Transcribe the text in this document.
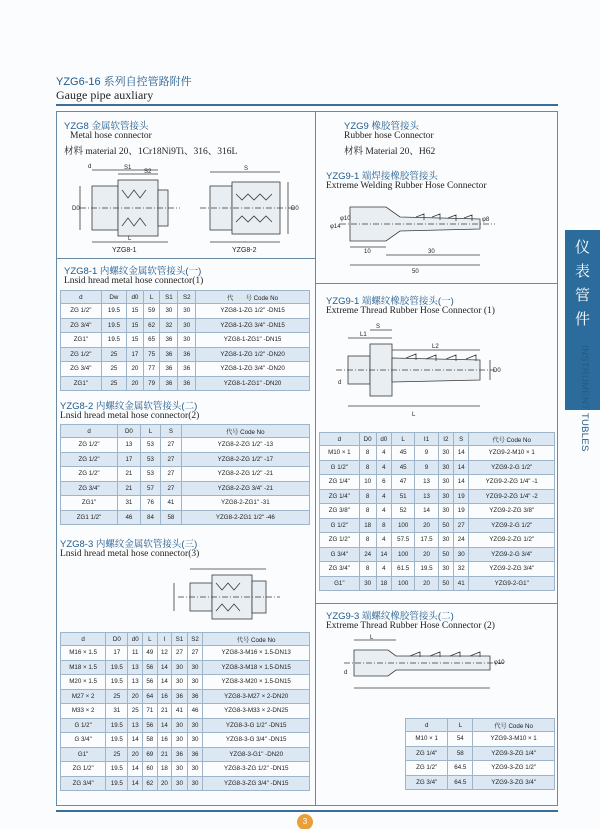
YZG6-16 系列自控管路附件
Gauge pipe auxliary
YZG8 金属软管接头
Metal hose connector
材料 material 20、1Cr18Ni9Ti、316、316L
d	S1
S2
L
D0
S
D0
YZG8-1	YZG8-2
YZG8-1 内螺纹金属软管接头(一)
Lnsid hread metal hose connector(1)
d	Dw	d0	L	S1	S2	代　　号 Code No
ZG 1/2"	19.5	15	59	30	30	YZG8-1-ZG 1/2" -DN15
ZG 3/4"	19.5	15	62	32	30	YZG8-1-ZG 3/4" -DN15
ZG1"	19.5	15	65	36	30	YZG8-1-ZG1" -DN15
ZG 1/2"	25	17	75	36	36	YZG8-1-ZG 1/2" -DN20
ZG 3/4"	25	20	77	36	36	YZG8-1-ZG 3/4" -DN20
ZG1"	25	20	79	36	36	YZG8-1-ZG1" -DN20
YZG8-2 内螺纹金属软管接头(二)
Lnsid hread metal hose connector(2)
d	D0	L	S	代号 Code No
ZG 1/2"	13	53	27	YZG8-2-ZG 1/2" -13
ZG 1/2"	17	53	27	YZG8-2-ZG 1/2" -17
ZG 1/2"	21	53	27	YZG8-2-ZG 1/2" -21
ZG 3/4"	21	57	27	YZG8-2-ZG 3/4" -21
ZG1"	31	76	41	YZG8-2-ZG1" -31
ZG1 1/2"	46	84	58	YZG8-2-ZG1 1/2" -46
YZG8-3 内螺纹金属软管接头(三)
Lnsid hread metal hose connector(3)
d	D0	d0	L	I	S1	S2	代号 Code No
M16 × 1.5	17	11	49	12	27	27	YZG8-3-M16 × 1.5-DN13
M18 × 1.5	19.5	13	56	14	30	30	YZG8-3-M18 × 1.5-DN15
M20 × 1.5	19.5	13	56	14	30	30	YZG8-3-M20 × 1.5-DN15
M27 × 2	25	20	64	16	36	36	YZG8-3-M27 × 2-DN20
M33 × 2	31	25	71	21	41	46	YZG8-3-M33 × 2-DN25
G 1/2"	19.5	13	56	14	30	30	YZG8-3-G 1/2" -DN15
G 3/4"	19.5	14	58	16	30	30	YZG8-3-G 3/4" -DN15
G1"	25	20	69	21	36	36	YZG8-3-G1" -DN20
ZG 1/2"	19.5	14	60	18	30	30	YZG8-3-ZG 1/2" -DN15
ZG 3/4"	19.5	14	62	20	30	30	YZG8-3-ZG 3/4" -DN15
YZG9 橡胶管接头
Rubber hose Connector
材料 Material 20、H62
YZG9-1 端焊接橡胶管接头
Extreme Welding Rubber Hose Connector
10	30
50
φ14
φ10	φ8
YZG9-1 端螺纹橡胶管接头(一)
Extreme Thread Rubber Hose Connector (1)
S
L1
D0
L2
d
L
d	D0	d0	L	I1	I2	S	代号 Code No
M10 × 1	8	4	45	9	30	14	YZG9-2-M10 × 1
G 1/2"	8	4	45	9	30	14	YZG9-2-G 1/2"
ZG 1/4"	10	6	47	13	30	14	YZG9-2-ZG 1/4" -1
ZG 1/4"	8	4	51	13	30	19	YZG9-2-ZG 1/4" -2
ZG 3/8"	8	4	52	14	30	19	YZG9-2-ZG 3/8"
G 1/2"	18	8	100	20	50	27	YZG9-2-G 1/2"
ZG 1/2"	8	4	57.5	17.5	30	24	YZG9-2-ZG 1/2"
G 3/4"	24	14	100	20	50	30	YZG9-2-G 3/4"
ZG 3/4"	8	4	61.5	19.5	30	32	YZG9-2-ZG 3/4"
G1"	30	18	100	20	50	41	YZG9-2-G1"
YZG9-3 端螺纹橡胶管接头(二)
Extreme Thread Rubber Hose Connector (2)
L
d
φ10
d	L	代号 Code No
M10 × 1	54	YZG9-3-M10 × 1
ZG 1/4"	58	YZG9-3-ZG 1/4"
ZG 1/2"	64.5	YZG9-3-ZG 1/2"
ZG 3/4"	64.5	YZG9-3-ZG 3/4"
仪
表
管
件
INSTRUMENT TUBLES
3
